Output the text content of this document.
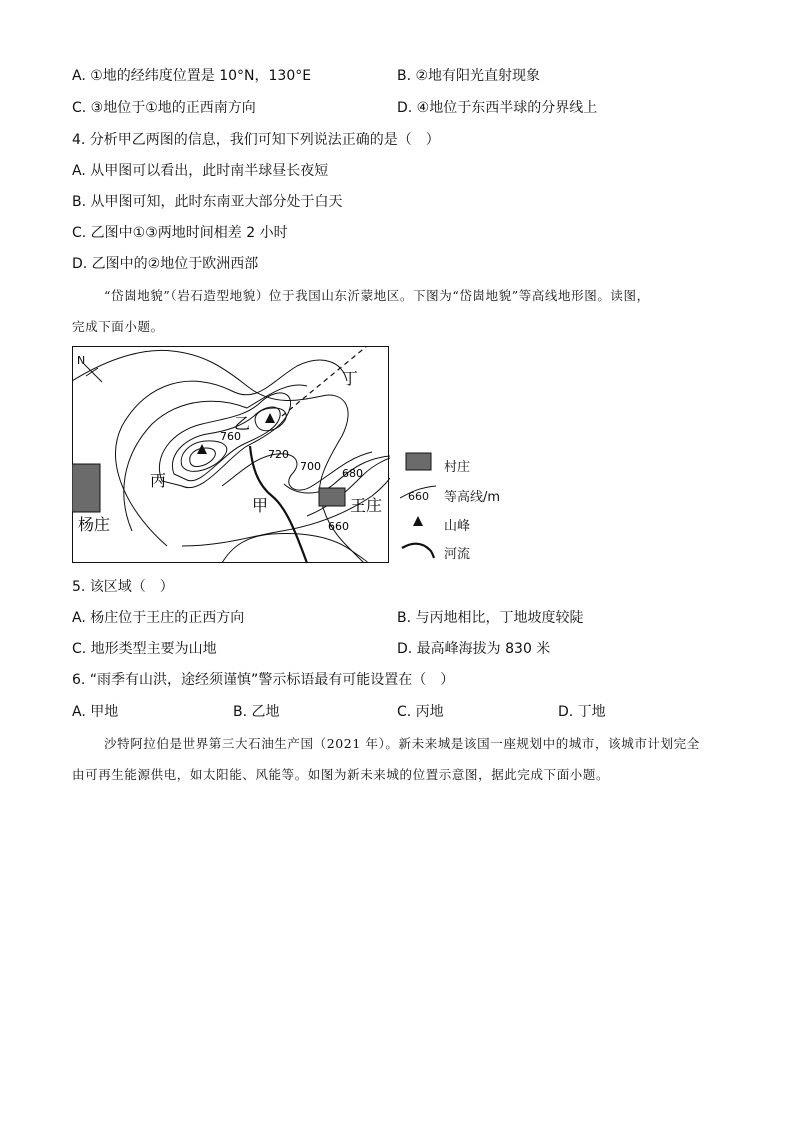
A. ①地的经纬度位置是 10°N，130°E	B. ②地有阳光直射现象
C. ③地位于①地的正西南方向	D. ④地位于东西半球的分界线上
4. 分析甲乙两图的信息，我们可知下列说法正确的是（　）
A. 从甲图可以看出，此时南半球昼长夜短
B. 从甲图可知，此时东南亚大部分处于白天
C. 乙图中①③两地时间相差 2 小时
D. 乙图中的②地位于欧洲西部
“岱崮地貌”（岩石造型地貌）位于我国山东沂蒙地区。下图为“岱崮地貌”等高线地形图。读图，
完成下面小题。
N
丁
乙
丙
甲	王庄
杨庄
760
720
700
680
660
村庄
660 等高线/m
山峰
河流
5. 该区域（　）
A. 杨庄位于王庄的正西方向	B. 与丙地相比，丁地坡度较陡
C. 地形类型主要为山地	D. 最高峰海拔为 830 米
6. “雨季有山洪，途经须谨慎”警示标语最有可能设置在（　）
A. 甲地	B. 乙地	C. 丙地	D. 丁地
沙特阿拉伯是世界第三大石油生产国（2021 年）。新未来城是该国一座规划中的城市，该城市计划完全
由可再生能源供电，如太阳能、风能等。如图为新未来城的位置示意图，据此完成下面小题。
